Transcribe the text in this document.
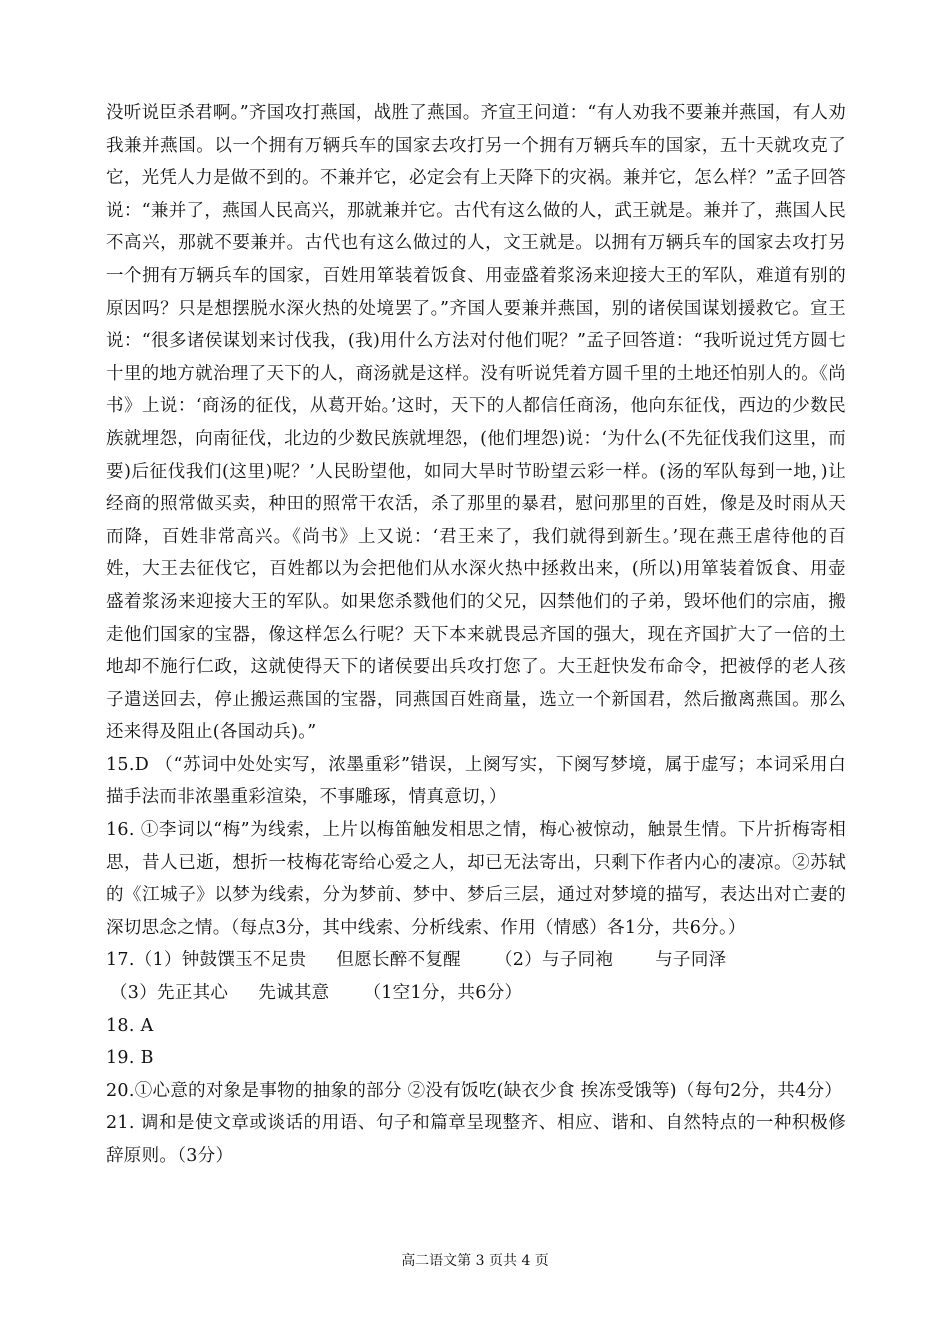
没听说臣杀君啊。”齐国攻打燕国，战胜了燕国。齐宣王问道：“有人劝我不要兼并燕国，有人劝我兼并燕国。以一个拥有万辆兵车的国家去攻打另一个拥有万辆兵车的国家，五十天就攻克了它，光凭人力是做不到的。不兼并它，必定会有上天降下的灾祸。兼并它，怎么样？”孟子回答说：“兼并了，燕国人民高兴，那就兼并它。古代有这么做的人，武王就是。兼并了，燕国人民不高兴，那就不要兼并。古代也有这么做过的人，文王就是。以拥有万辆兵车的国家去攻打另一个拥有万辆兵车的国家，百姓用箪装着饭食、用壶盛着浆汤来迎接大王的军队，难道有别的原因吗？只是想摆脱水深火热的处境罢了。”齐国人要兼并燕国，别的诸侯国谋划援救它。宣王说：“很多诸侯谋划来讨伐我，(我)用什么方法对付他们呢？”孟子回答道：“我听说过凭方圆七十里的地方就治理了天下的人，商汤就是这样。没有听说凭着方圆千里的土地还怕别人的。《尚书》上说：‘商汤的征伐，从葛开始。’这时，天下的人都信任商汤，他向东征伐，西边的少数民族就埋怨，向南征伐，北边的少数民族就埋怨，(他们埋怨)说：‘为什么(不先征伐我们这里，而要)后征伐我们(这里)呢？’人民盼望他，如同大旱时节盼望云彩一样。(汤的军队每到一地，)让经商的照常做买卖，种田的照常干农活，杀了那里的暴君，慰问那里的百姓，像是及时雨从天而降，百姓非常高兴。《尚书》上又说：‘君王来了，我们就得到新生。’现在燕王虐待他的百姓，大王去征伐它，百姓都以为会把他们从水深火热中拯救出来，(所以)用箪装着饭食、用壶盛着浆汤来迎接大王的军队。如果您杀戮他们的父兄，囚禁他们的子弟，毁坏他们的宗庙，搬走他们国家的宝器，像这样怎么行呢？天下本来就畏忌齐国的强大，现在齐国扩大了一倍的土地却不施行仁政，这就使得天下的诸侯要出兵攻打您了。大王赶快发布命令，把被俘的老人孩子遣送回去，停止搬运燕国的宝器，同燕国百姓商量，选立一个新国君，然后撤离燕国。那么还来得及阻止(各国动兵)。”

15.D （“苏词中处处实写，浓墨重彩”错误，上阕写实，下阕写梦境，属于虚写；本词采用白描手法而非浓墨重彩渲染，不事雕琢，情真意切，）

16. ①李词以“梅”为线索，上片以梅笛触发相思之情，梅心被惊动，触景生情。下片折梅寄相思，昔人已逝，想折一枝梅花寄给心爱之人，却已无法寄出，只剩下作者内心的凄凉。②苏轼的《江城子》以梦为线索，分为梦前、梦中、梦后三层，通过对梦境的描写，表达出对亡妻的深切思念之情。（每点3分，其中线索、分析线索、作用（情感）各1分，共6分。）

17.（1）钟鼓馔玉不足贵 但愿长醉不复醒 （2）与子同袍 与子同泽

（3）先正其心 先诚其意 （1空1分，共6分）

18. A

19. B

20.①心意的对象是事物的抽象的部分 ②没有饭吃(缺衣少食 挨冻受饿等)（每句2分，共4分）

21. 调和是使文章或谈话的用语、句子和篇章呈现整齐、相应、谐和、自然特点的一种积极修辞原则。（3分）

高二语文第 3 页共 4 页
